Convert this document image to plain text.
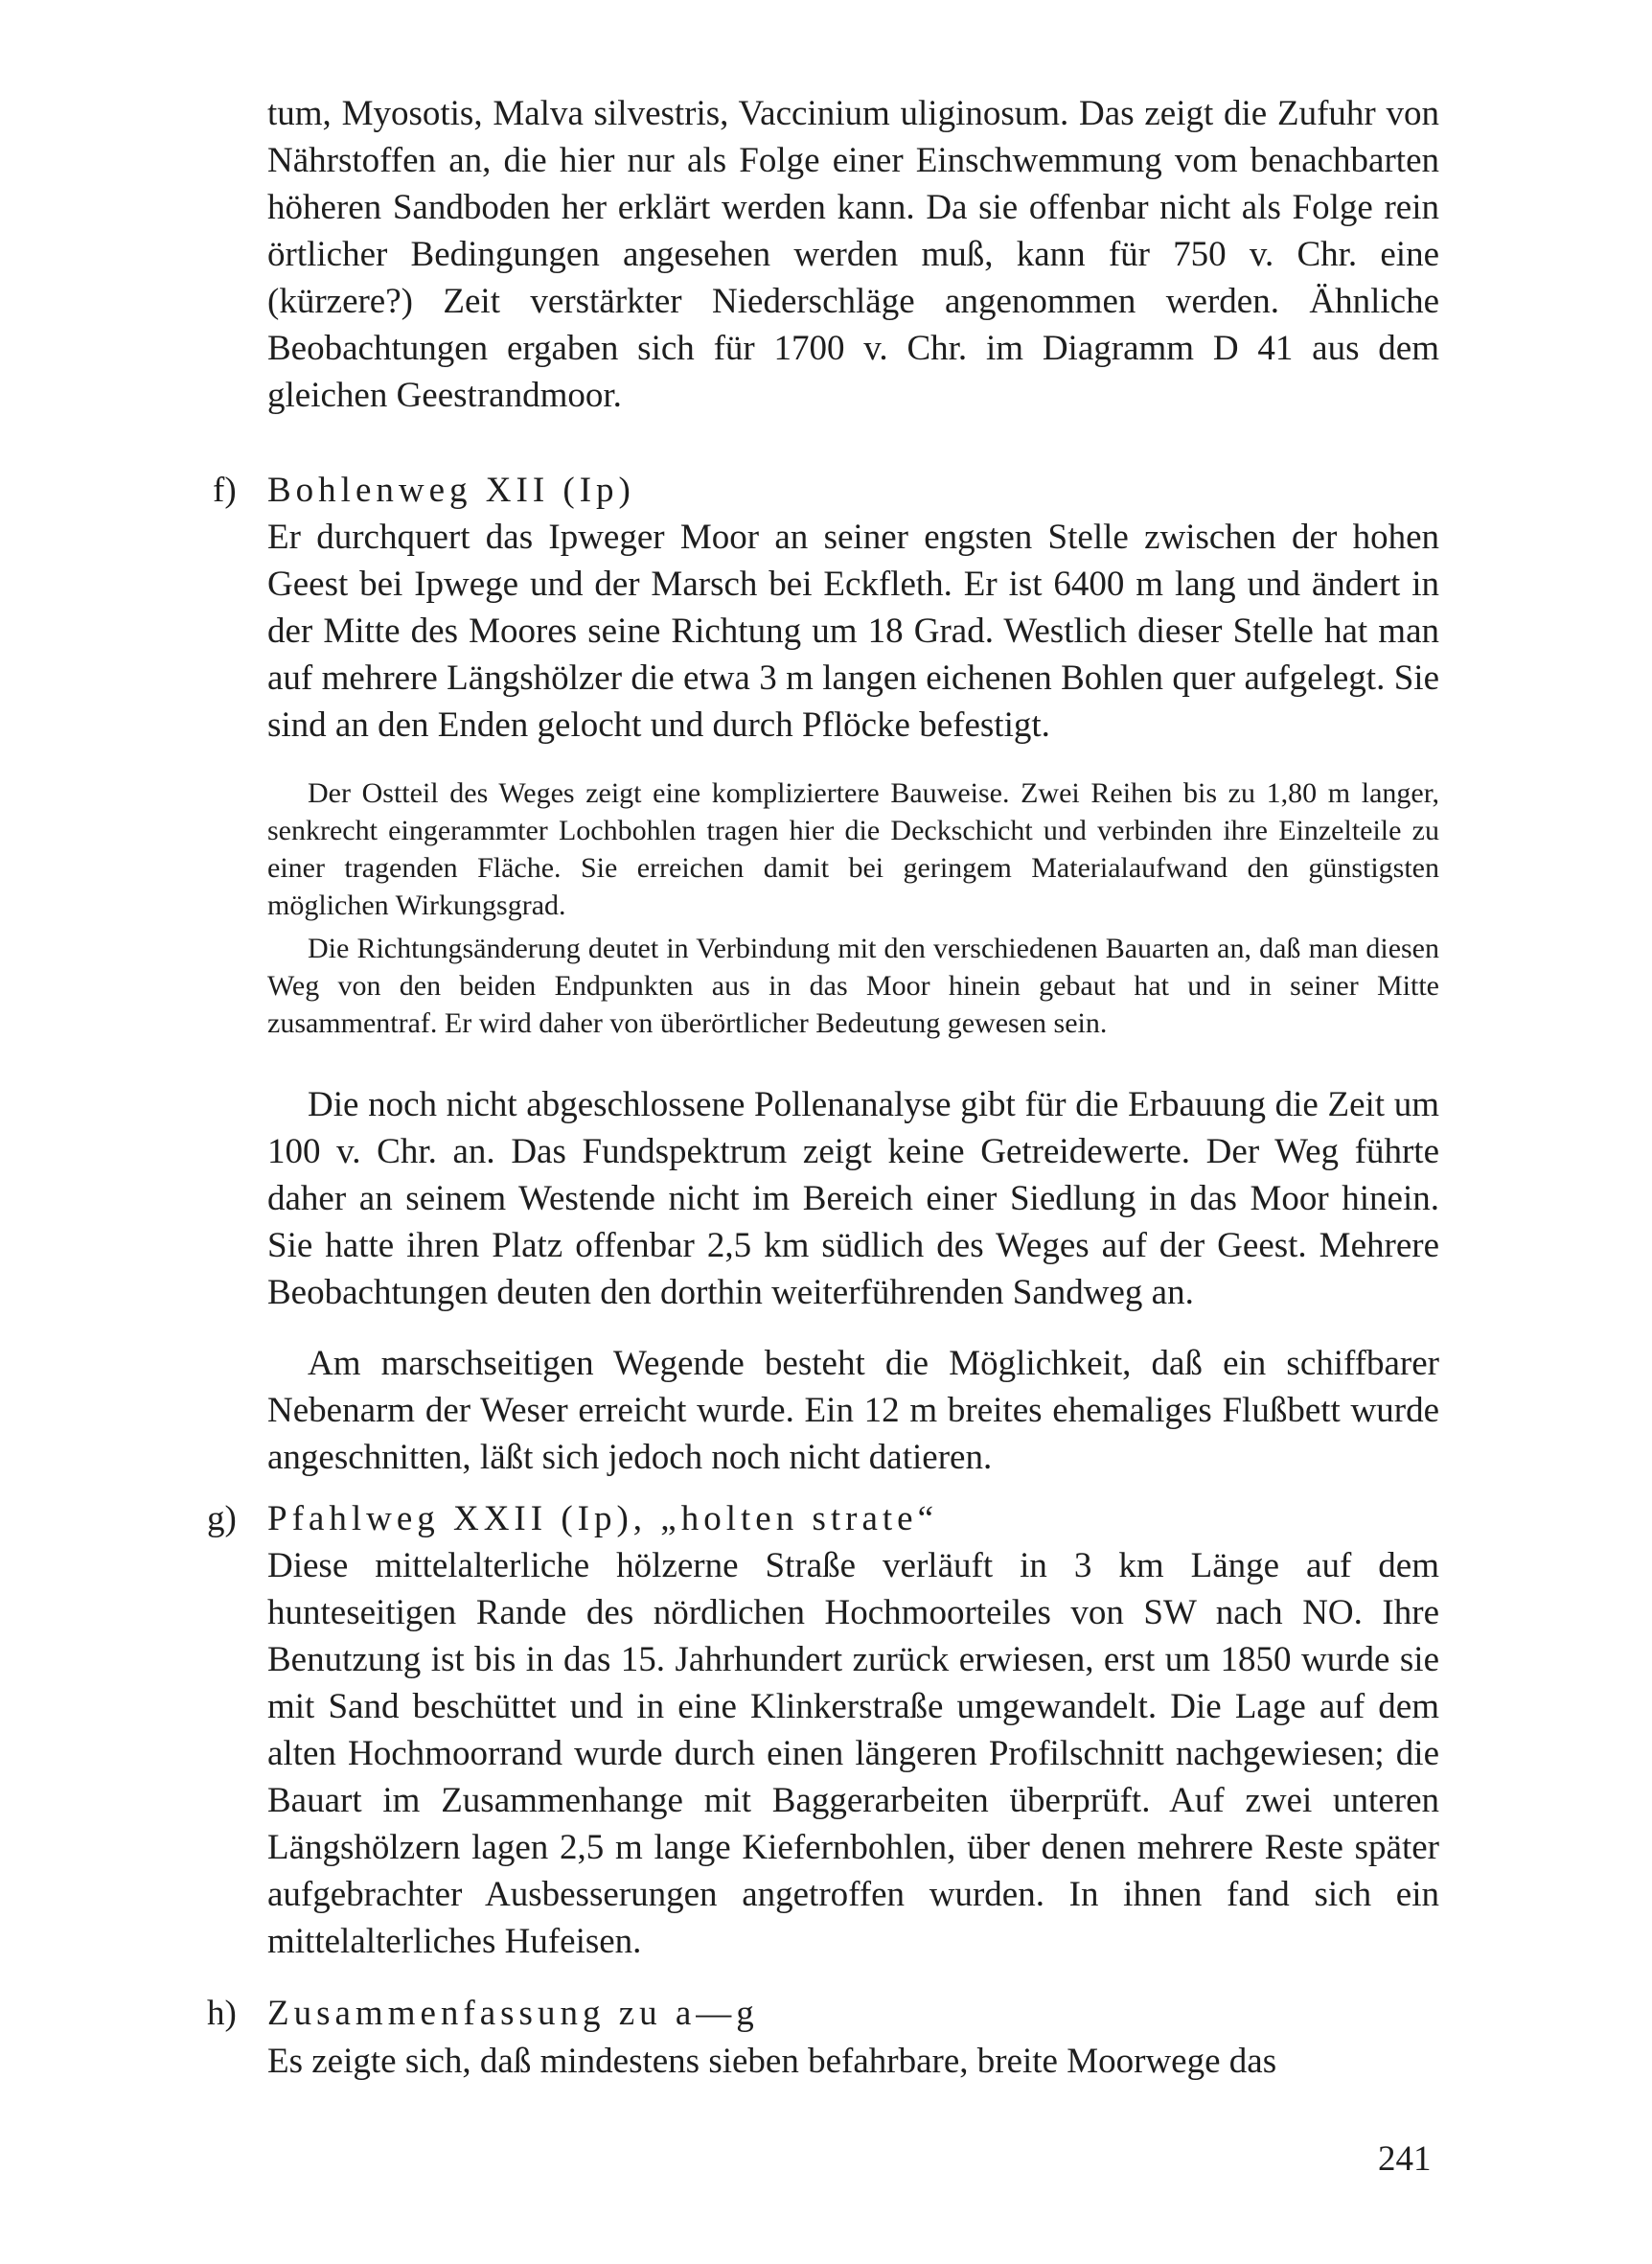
tum, Myosotis, Malva silvestris, Vaccinium uliginosum. Das zeigt die Zufuhr von Nährstoffen an, die hier nur als Folge einer Einschwemmung vom benachbarten höheren Sandboden her erklärt werden kann. Da sie offenbar nicht als Folge rein örtlicher Bedingungen angesehen werden muß, kann für 750 v. Chr. eine (kürzere?) Zeit verstärkter Niederschläge angenommen werden. Ähnliche Beobachtungen ergaben sich für 1700 v. Chr. im Diagramm D 41 aus dem gleichen Geestrandmoor.

f) Bohlenweg XII (Ip)

Er durchquert das Ipweger Moor an seiner engsten Stelle zwischen der hohen Geest bei Ipwege und der Marsch bei Eckfleth. Er ist 6400 m lang und ändert in der Mitte des Moores seine Richtung um 18 Grad. Westlich dieser Stelle hat man auf mehrere Längshölzer die etwa 3 m langen eichenen Bohlen quer aufgelegt. Sie sind an den Enden gelocht und durch Pflöcke befestigt.

Der Ostteil des Weges zeigt eine kompliziertere Bauweise. Zwei Reihen bis zu 1,80 m langer, senkrecht eingerammter Lochbohlen tragen hier die Deckschicht und verbinden ihre Einzelteile zu einer tragenden Fläche. Sie erreichen damit bei geringem Materialaufwand den günstigsten möglichen Wirkungsgrad.

Die Richtungsänderung deutet in Verbindung mit den verschiedenen Bauarten an, daß man diesen Weg von den beiden Endpunkten aus in das Moor hinein gebaut hat und in seiner Mitte zusammentraf. Er wird daher von überörtlicher Bedeutung gewesen sein.

Die noch nicht abgeschlossene Pollenanalyse gibt für die Erbauung die Zeit um 100 v. Chr. an. Das Fundspektrum zeigt keine Getreidewerte. Der Weg führte daher an seinem Westende nicht im Bereich einer Siedlung in das Moor hinein. Sie hatte ihren Platz offenbar 2,5 km südlich des Weges auf der Geest. Mehrere Beobachtungen deuten den dorthin weiterführenden Sandweg an.

Am marschseitigen Wegende besteht die Möglichkeit, daß ein schiffbarer Nebenarm der Weser erreicht wurde. Ein 12 m breites ehemaliges Flußbett wurde angeschnitten, läßt sich jedoch noch nicht datieren.

g) Pfahlweg XXII (Ip), „holten strate“

Diese mittelalterliche hölzerne Straße verläuft in 3 km Länge auf dem hunteseitigen Rande des nördlichen Hochmoorteiles von SW nach NO. Ihre Benutzung ist bis in das 15. Jahrhundert zurück erwiesen, erst um 1850 wurde sie mit Sand beschüttet und in eine Klinkerstraße umgewandelt. Die Lage auf dem alten Hochmoorrand wurde durch einen längeren Profilschnitt nachgewiesen; die Bauart im Zusammenhange mit Baggerarbeiten überprüft. Auf zwei unteren Längshölzern lagen 2,5 m lange Kiefernbohlen, über denen mehrere Reste später aufgebrachter Ausbesserungen angetroffen wurden. In ihnen fand sich ein mittelalterliches Hufeisen.

h) Zusammenfassung zu a—g

Es zeigte sich, daß mindestens sieben befahrbare, breite Moorwege das

241
